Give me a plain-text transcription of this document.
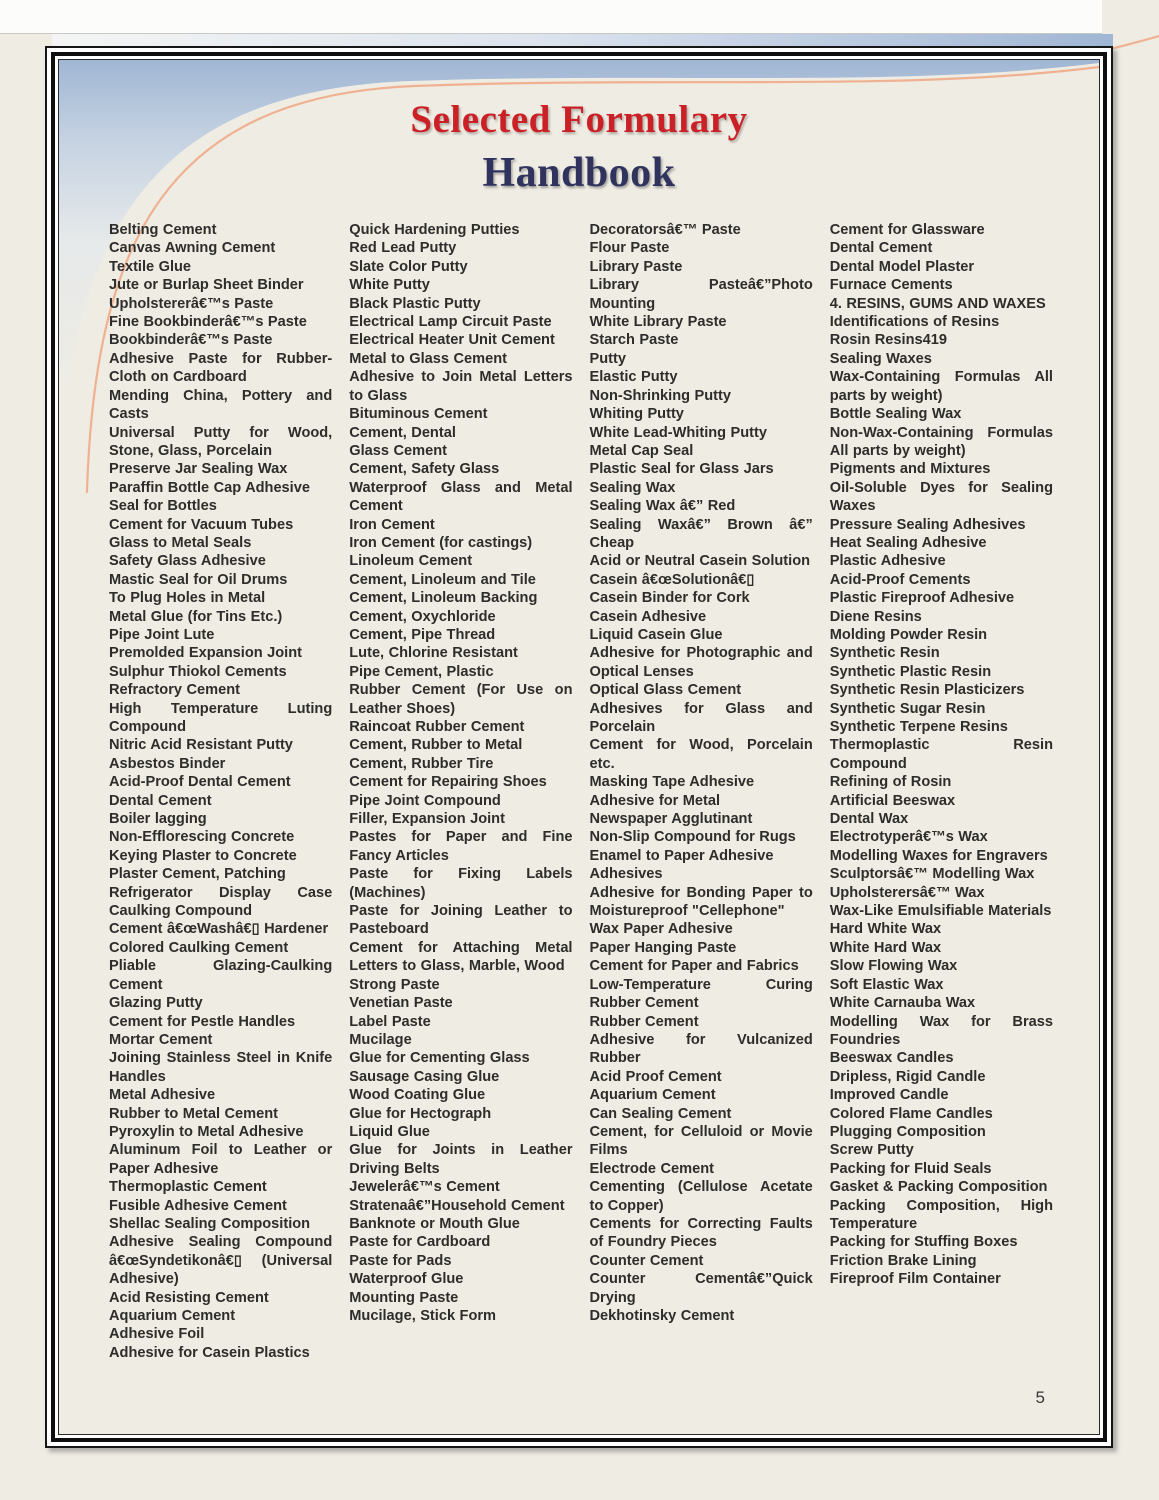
Selected Formulary
Handbook

Belting Cement

Canvas Awning Cement

Textile Glue

Jute or Burlap Sheet Binder

Upholstererâ€™s Paste

Fine Bookbinderâ€™s Paste

Bookbinderâ€™s Paste

Adhesive Paste for Rubber-Cloth on Cardboard

Mending China, Pottery and Casts

Universal Putty for Wood, Stone, Glass, Porcelain

Preserve Jar Sealing Wax

Paraffin Bottle Cap Adhesive

Seal for Bottles

Cement for Vacuum Tubes

Glass to Metal Seals

Safety Glass Adhesive

Mastic Seal for Oil Drums

To Plug Holes in Metal

Metal Glue (for Tins Etc.)

Pipe Joint Lute

Premolded Expansion Joint

Sulphur Thiokol Cements

Refractory Cement

High Temperature Luting Compound

Nitric Acid Resistant Putty

Asbestos Binder

Acid-Proof Dental Cement

Dental Cement

Boiler lagging

Non-Efflorescing Concrete

Keying Plaster to Concrete

Plaster Cement, Patching

Refrigerator Display Case Caulking Compound

Cement â€œWashâ€▯ Hardener

Colored Caulking Cement

Pliable Glazing-Caulking Cement

Glazing Putty

Cement for Pestle Handles

Mortar Cement

Joining Stainless Steel in Knife Handles

Metal Adhesive

Rubber to Metal Cement

Pyroxylin to Metal Adhesive

Aluminum Foil to Leather or Paper Adhesive

Thermoplastic Cement

Fusible Adhesive Cement

Shellac Sealing Composition

Adhesive Sealing Compound â€œSyndetikonâ€▯ (Universal Adhesive)

Acid Resisting Cement

Aquarium Cement

Adhesive Foil

Adhesive for Casein Plastics

Quick Hardening Putties

Red Lead Putty

Slate Color Putty

White Putty

Black Plastic Putty

Electrical Lamp Circuit Paste

Electrical Heater Unit Cement

Metal to Glass Cement

Adhesive to Join Metal Letters to Glass

Bituminous Cement

Cement, Dental

Glass Cement

Cement, Safety Glass

Waterproof Glass and Metal Cement

Iron Cement

Iron Cement (for castings)

Linoleum Cement

Cement, Linoleum and Tile

Cement, Linoleum Backing

Cement, Oxychloride

Cement, Pipe Thread

Lute, Chlorine Resistant

Pipe Cement, Plastic

Rubber Cement (For Use on Leather Shoes)

Raincoat Rubber Cement

Cement, Rubber to Metal

Cement, Rubber Tire

Cement for Repairing Shoes

Pipe Joint Compound

Filler, Expansion Joint

Pastes for Paper and Fine Fancy Articles

Paste for Fixing Labels (Machines)

Paste for Joining Leather to Pasteboard

Cement for Attaching Metal Letters to Glass, Marble, Wood

Strong Paste

Venetian Paste

Label Paste

Mucilage

Glue for Cementing Glass

Sausage Casing Glue

Wood Coating Glue

Glue for Hectograph

Liquid Glue

Glue for Joints in Leather Driving Belts

Jewelerâ€™s Cement

Stratenaâ€”Household Cement

Banknote or Mouth Glue

Paste for Cardboard

Paste for Pads

Waterproof Glue

Mounting Paste

Mucilage, Stick Form

Decoratorsâ€™ Paste

Flour Paste

Library Paste

Library Pasteâ€”Photo Mounting

White Library Paste

Starch Paste

Putty

Elastic Putty

Non-Shrinking Putty

Whiting Putty

White Lead-Whiting Putty

Metal Cap Seal

Plastic Seal for Glass Jars

Sealing Wax

Sealing Wax â€” Red

Sealing Waxâ€” Brown â€” Cheap

Acid or Neutral Casein Solution

Casein â€œSolutionâ€▯

Casein Binder for Cork

Casein Adhesive

Liquid Casein Glue

Adhesive for Photographic and Optical Lenses

Optical Glass Cement

Adhesives for Glass and Porcelain

Cement for Wood, Porcelain etc.

Masking Tape Adhesive

Adhesive for Metal

Newspaper Agglutinant

Non-Slip Compound for Rugs

Enamel to Paper Adhesive

Adhesives

Adhesive for Bonding Paper to Moistureproof "Cellephone"

Wax Paper Adhesive

Paper Hanging Paste

Cement for Paper and Fabrics

Low-Temperature Curing Rubber Cement

Rubber Cement

Adhesive for Vulcanized Rubber

Acid Proof Cement

Aquarium Cement

Can Sealing Cement

Cement, for Celluloid or Movie Films

Electrode Cement

Cementing (Cellulose Acetate to Copper)

Cements for Correcting Faults of Foundry Pieces

Counter Cement

Counter Cementâ€”Quick Drying

Dekhotinsky Cement

Cement for Glassware

Dental Cement

Dental Model Plaster

Furnace Cements

4. RESINS, GUMS AND WAXES

Identifications of Resins

Rosin Resins419

Sealing Waxes

Wax-Containing Formulas All parts by weight)

Bottle Sealing Wax

Non-Wax-Containing Formulas All parts by weight)

Pigments and Mixtures

Oil-Soluble Dyes for Sealing Waxes

Pressure Sealing Adhesives

Heat Sealing Adhesive

Plastic Adhesive

Acid-Proof Cements

Plastic Fireproof Adhesive

Diene Resins

Molding Powder Resin

Synthetic Resin

Synthetic Plastic Resin

Synthetic Resin Plasticizers

Synthetic Sugar Resin

Synthetic Terpene Resins

Thermoplastic Resin Compound

Refining of Rosin

Artificial Beeswax

Dental Wax

Electrotyperâ€™s Wax

Modelling Waxes for Engravers

Sculptorsâ€™ Modelling Wax

Upholsterersâ€™ Wax

Wax-Like Emulsifiable Materials

Hard White Wax

White Hard Wax

Slow Flowing Wax

Soft Elastic Wax

White Carnauba Wax

Modelling Wax for Brass Foundries

Beeswax Candles

Dripless, Rigid Candle

Improved Candle

Colored Flame Candles

Plugging Composition

Screw Putty

Packing for Fluid Seals

Gasket & Packing Composition

Packing Composition, High Temperature

Packing for Stuffing Boxes

Friction Brake Lining

Fireproof Film Container

5
